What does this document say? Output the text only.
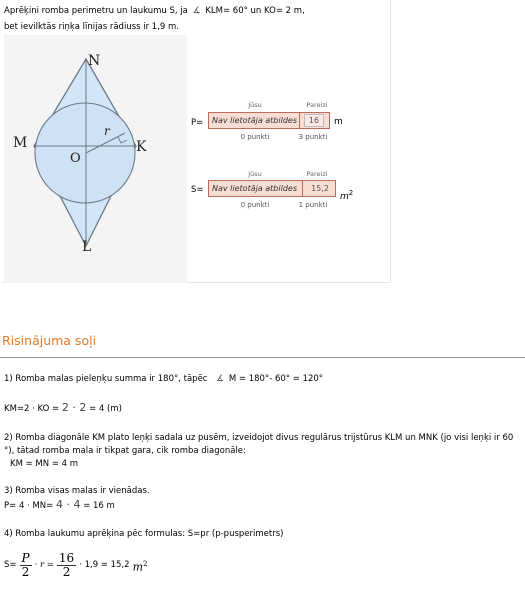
Aprēķini romba perimetru un laukumu S, ja ∡ KLM= 60° un KO= 2 m,
bet ievilktās riņķa līnijas rādiuss ir 1,9 m.
N
M	K
L
O
r
Jūsu	Pareizi
P=	Nav lietotāja atbildes	16	m
0 punkti	3 punkti
Jūsu	Pareizi
S=	Nav lietotāja atbildes	15,2
$m^2$
0 punkti	1 punkti
Risinājuma soļi
1) Romba malas pieleņķu summa ir 180°, tāpēc ∡ M = 180°- 60° = 120°
KM=2 · KO = 2 · 2 = 4 (m)
2) Romba diagonāle KM plato leņķi sadala uz pusēm, izveidojot divus regulārus trijstūrus KLM un MNK (jo visi leņķi ir 60
°), tātad romba mala ir tikpat gara, cik romba diagonāle:
KM = MN = 4 m
3) Romba visas malas ir vienādas.
P= 4 · MN= 4 · 4 = 16 m
4) Romba laukumu aprēķina pēc formulas: S=pr (p-pusperimetrs)
$S= \frac{P}{2} \cdot r = \frac{16}{2} \cdot 1,9 = 15,2$ $m^2$
